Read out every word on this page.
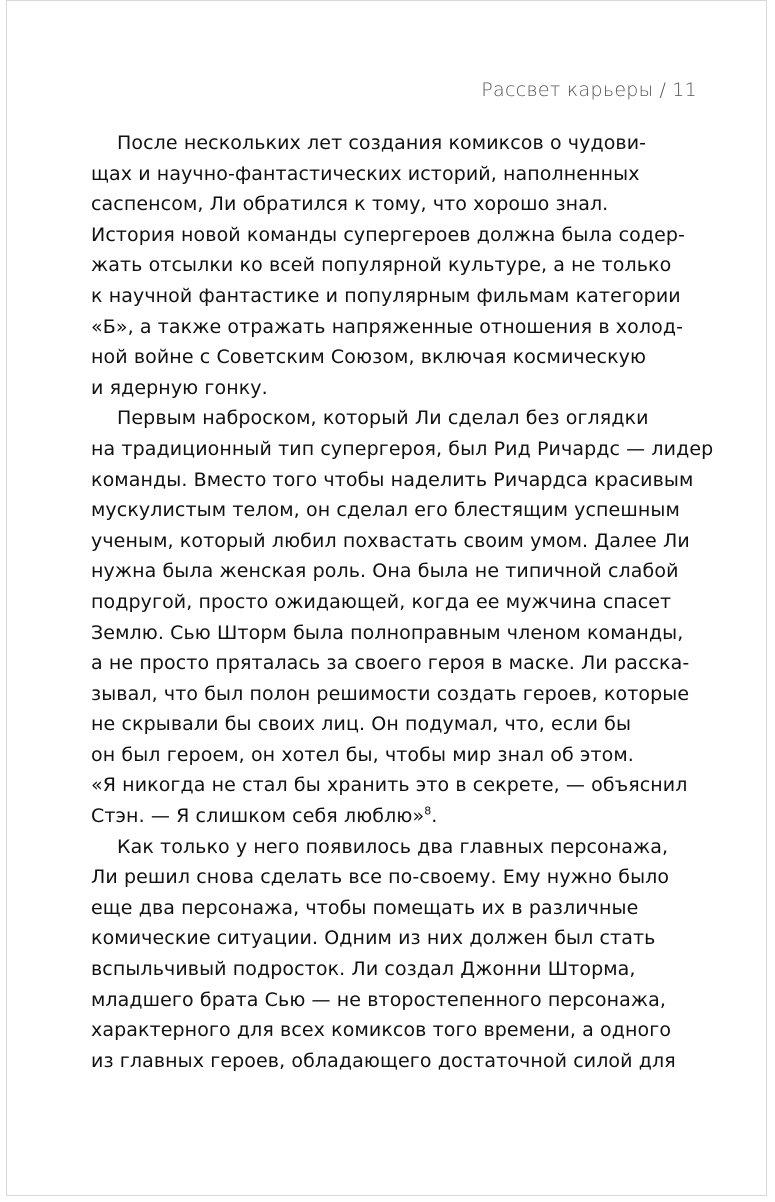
Рассвет карьеры / 11
После нескольких лет создания комиксов о чудови-
щах и научно-фантастических историй, наполненных
саспенсом, Ли обратился к тому, что хорошо знал.
История новой команды супергероев должна была содер-
жать отсылки ко всей популярной культуре, а не только
к научной фантастике и популярным фильмам категории
«Б», а также отражать напряженные отношения в холод-
ной войне с Советским Союзом, включая космическую
и ядерную гонку.
Первым наброском, который Ли сделал без оглядки
на традиционный тип супергероя, был Рид Ричардс — лидер
команды. Вместо того чтобы наделить Ричардса красивым
мускулистым телом, он сделал его блестящим успешным
ученым, который любил похвастать своим умом. Далее Ли
нужна была женская роль. Она была не типичной слабой
подругой, просто ожидающей, когда ее мужчина спасет
Землю. Сью Шторм была полноправным членом команды,
а не просто пряталась за своего героя в маске. Ли расска-
зывал, что был полон решимости создать героев, которые
не скрывали бы своих лиц. Он подумал, что, если бы
он был героем, он хотел бы, чтобы мир знал об этом.
«Я никогда не стал бы хранить это в секрете, — объяснил
Стэн. — Я слишком себя люблю»$^8$.
Как только у него появилось два главных персонажа,
Ли решил снова сделать все по-своему. Ему нужно было
еще два персонажа, чтобы помещать их в различные
комические ситуации. Одним из них должен был стать
вспыльчивый подросток. Ли создал Джонни Шторма,
младшего брата Сью — не второстепенного персонажа,
характерного для всех комиксов того времени, а одного
из главных героев, обладающего достаточной силой для
